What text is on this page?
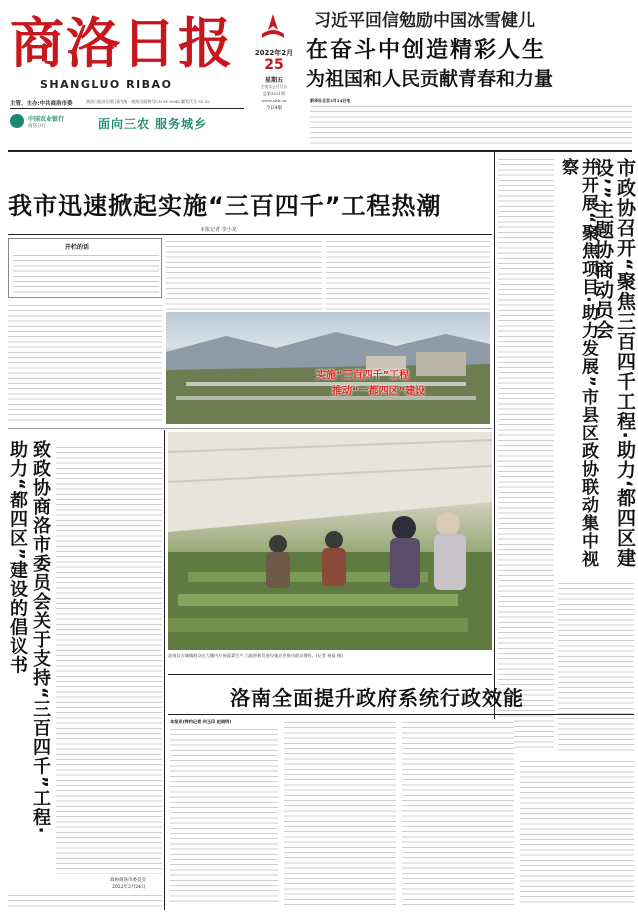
商洛日报
SHANGLUO RIBAO
主管、主办:中共商洛市委	商洛日报社出版 国内统一连续出版物号CN 61-0045 邮发代号 51-32
2022年2月
25
星期五
壬寅年正月廿五
总第9031期
www.slrb.cn
今日4版
中国农业银行
商洛分行	面向三农 服务城乡
习近平回信勉励中国冰雪健儿
在奋斗中创造精彩人生
为祖国和人民贡献青春和力量
新华社北京2月24日电
我市迅速掀起实施“三百四千”工程热潮
本报记者 李小龙
开栏的话
实施“三百四千”工程
推动“一都四区”建设	市政协召开“聚焦三百四千工程·助力‘都四区建设’”主题协商动员会
并开展“聚焦项目·助力发展”市县区政协联动集中视察
致政协商洛市委员会关于支持“三百四千”工程·助力“都四区”建设的倡议书
政协商洛市委员会
2022年2月24日
洛南县古城镇群众在大棚内开展蔬菜生产,当地积极发展设施农业推动群众增收。(记者 杨磊 摄)
洛南全面提升政府系统行政效能
本报讯(特约记者 何玉印 赵晓明)
